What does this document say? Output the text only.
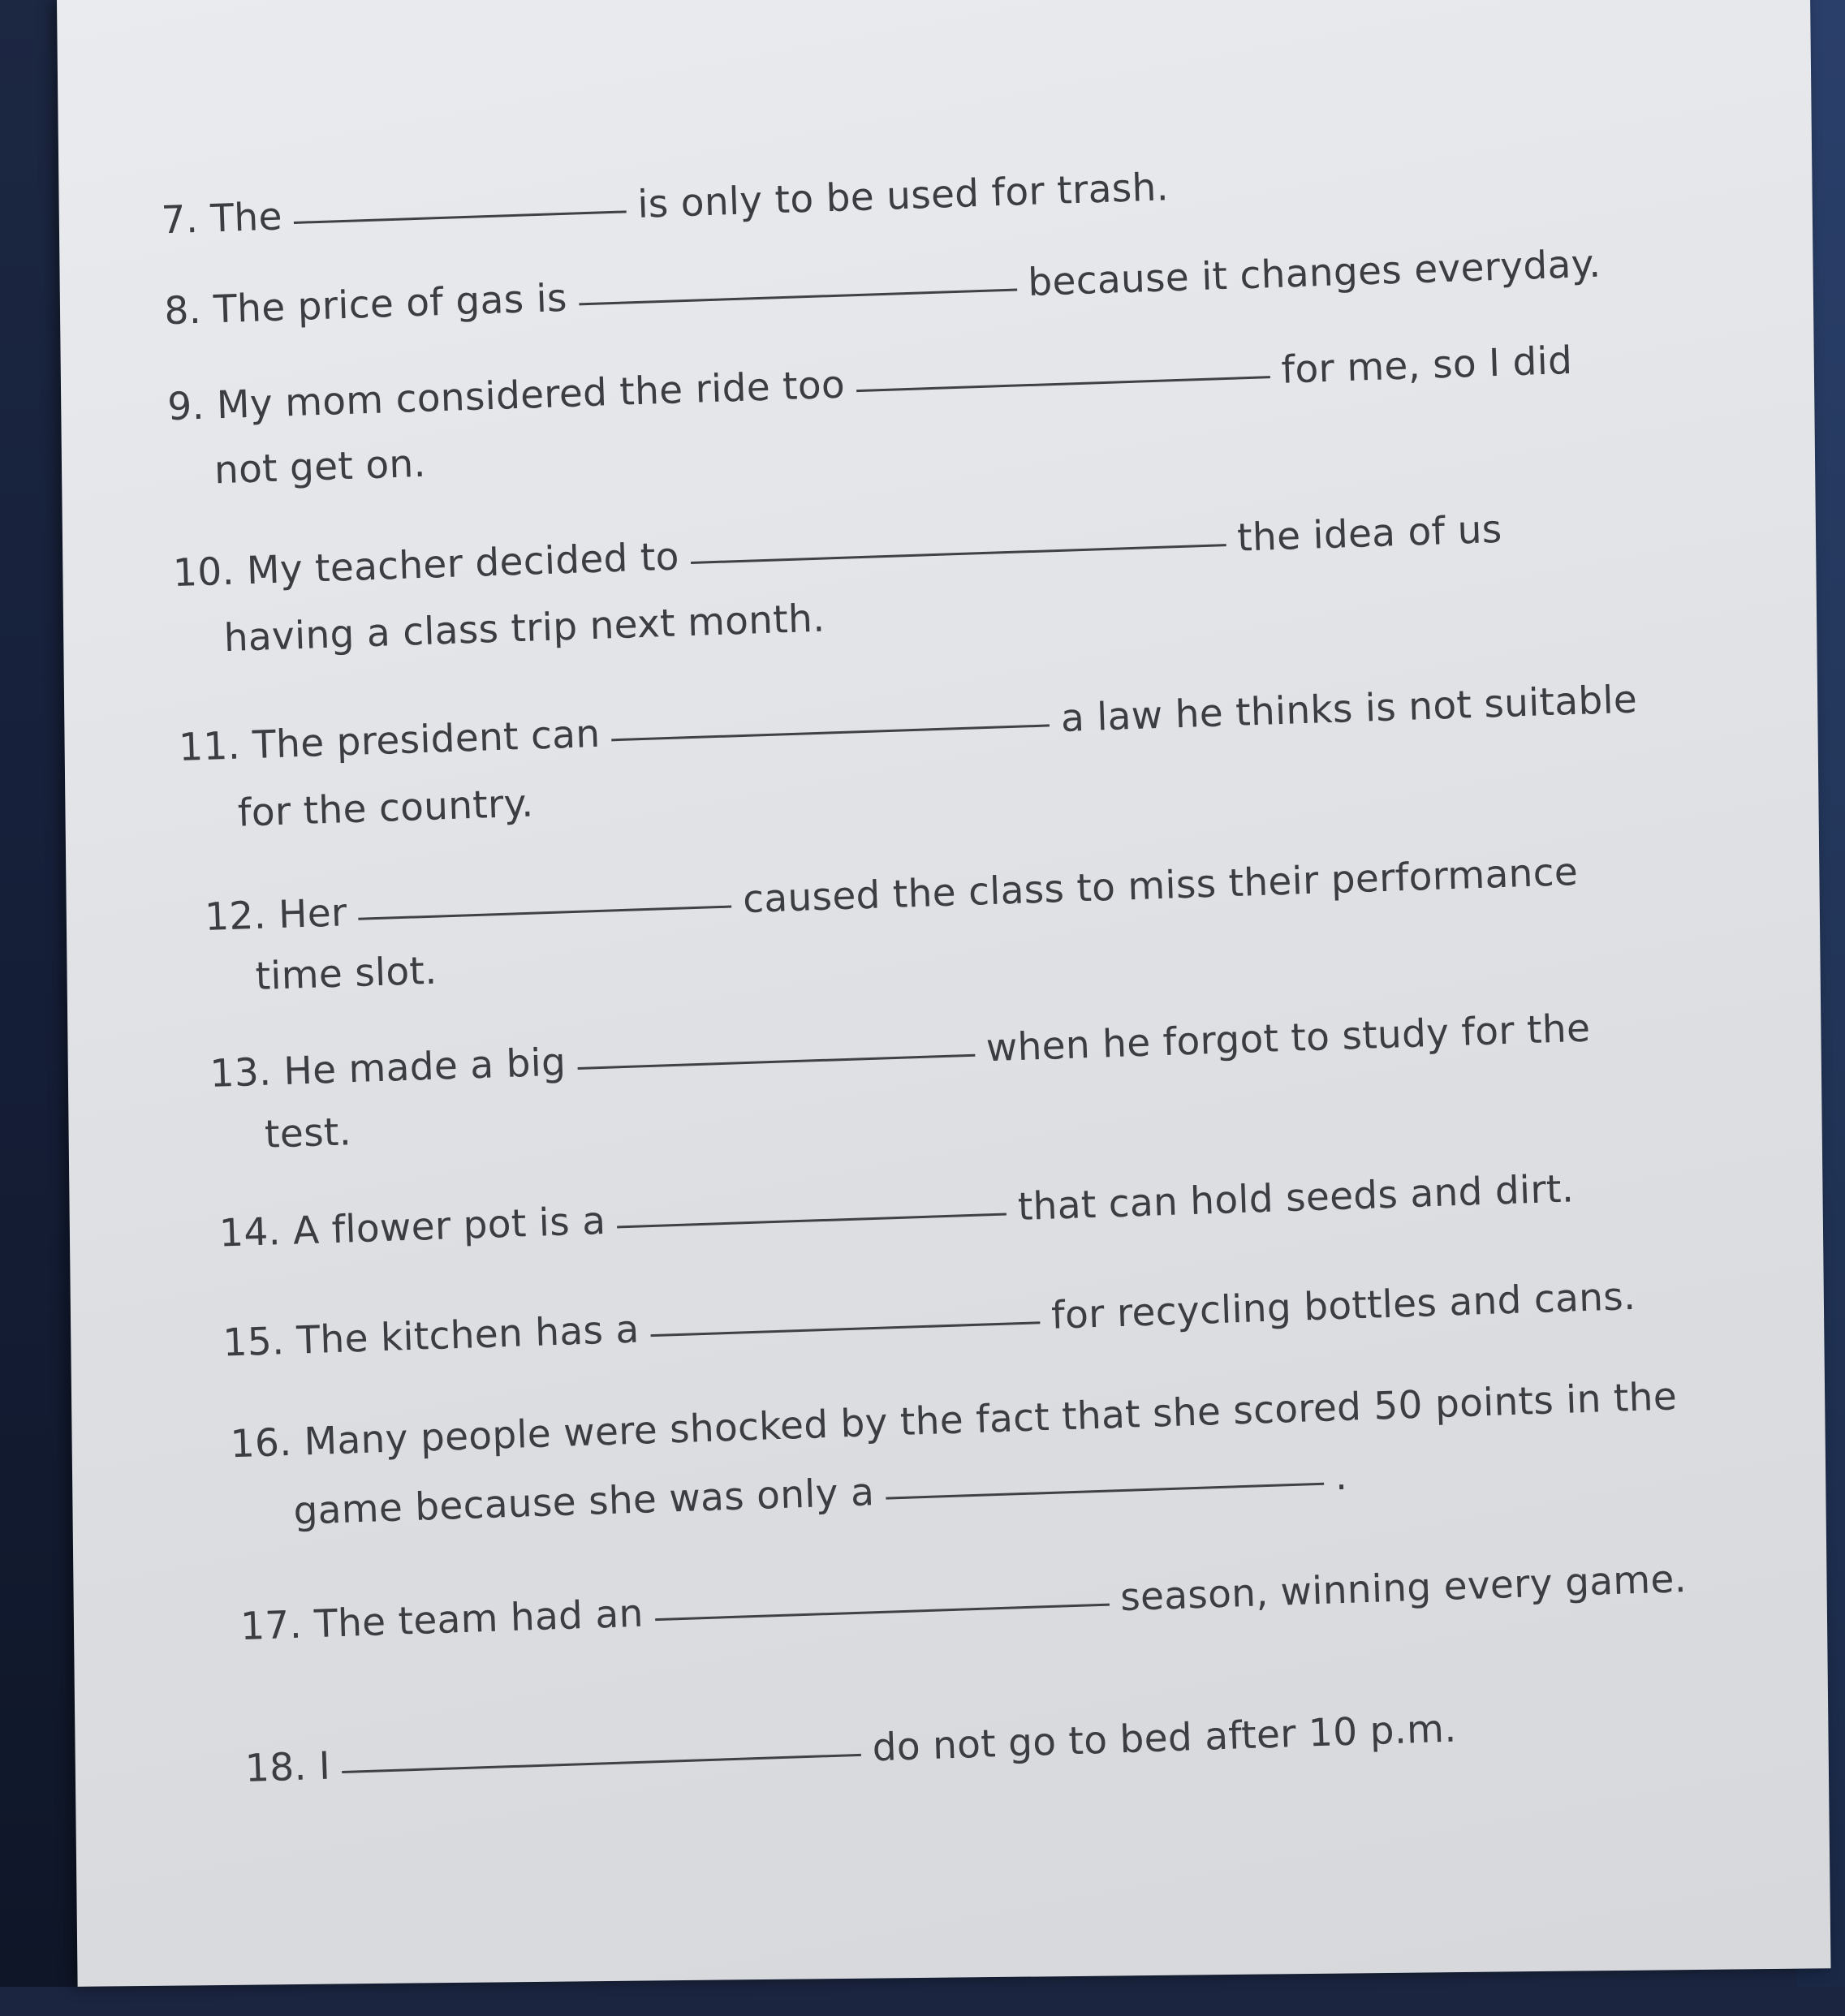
7. The	is only to be used for trash.
8. The price of gas is	because it changes everyday.
9. My mom considered the ride too	for me, so I did
not get on.
10. My teacher decided tothe idea of us
having a class trip next month.
11. The president can	a law he thinks is not suitable
for the country.
12. Her	caused the class to miss their performance
time slot.
13. He made a big	when he forgot to study for the
test.
14. A flower pot is a	that can hold seeds and dirt.
15. The kitchen has a	for recycling bottles and cans.
16. Many people were shocked by the fact that she scored 50 points in the
game because she was only a	.
17. The team had an	season, winning every game.
18. I	do not go to bed after 10 p.m.
